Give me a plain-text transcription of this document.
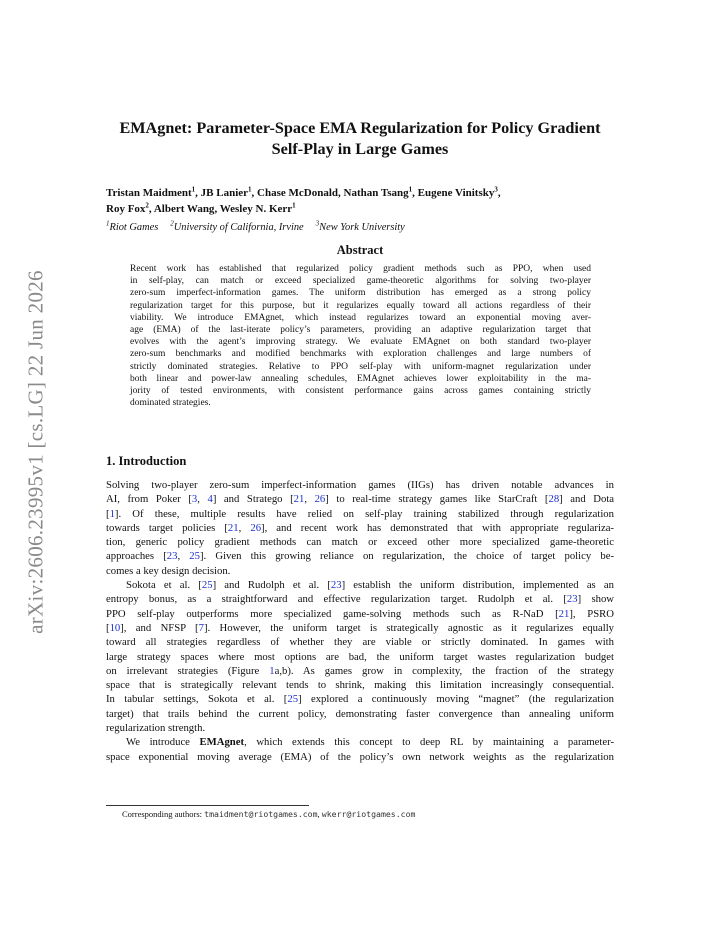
arXiv:2606.23995v1 [cs.LG] 22 Jun 2026
EMAgnet: Parameter-Space EMA Regularization for Policy Gradient
Self-Play in Large Games
Tristan Maidment$^1$, JB Lanier$^1$, Chase McDonald, Nathan Tsang$^1$, Eugene Vinitsky$^3$,
Roy Fox$^2$, Albert Wang, Wesley N. Kerr$^1$
$^1$Riot Games $^2$University of California, Irvine $^3$New York University
Abstract
Recent work has established that regularized policy gradient methods such as PPO, when used
in self-play, can match or exceed specialized game-theoretic algorithms for solving two-player
zero-sum imperfect-information games. The uniform distribution has emerged as a strong policy
regularization target for this purpose, but it regularizes equally toward all actions regardless of their
viability. We introduce EMAgnet, which instead regularizes toward an exponential moving aver-
age (EMA) of the last-iterate policy’s parameters, providing an adaptive regularization target that
evolves with the agent’s improving strategy. We evaluate EMAgnet on both standard two-player
zero-sum benchmarks and modified benchmarks with exploration challenges and large numbers of
strictly dominated strategies. Relative to PPO self-play with uniform-magnet regularization under
both linear and power-law annealing schedules, EMAgnet achieves lower exploitability in the ma-
jority of tested environments, with consistent performance gains across games containing strictly
dominated strategies.
1. Introduction
Solving two-player zero-sum imperfect-information games (IIGs) has driven notable advances in
AI, from Poker [3, 4] and Stratego [21, 26] to real-time strategy games like StarCraft [28] and Dota
[1]. Of these, multiple results have relied on self-play training stabilized through regularization
towards target policies [21, 26], and recent work has demonstrated that with appropriate regulariza-
tion, generic policy gradient methods can match or exceed other more specialized game-theoretic
approaches [23, 25]. Given this growing reliance on regularization, the choice of target policy be-
comes a key design decision.
Sokota et al. [25] and Rudolph et al. [23] establish the uniform distribution, implemented as an
entropy bonus, as a straightforward and effective regularization target. Rudolph et al. [23] show
PPO self-play outperforms more specialized game-solving methods such as R-NaD [21], PSRO
[10], and NFSP [7]. However, the uniform target is strategically agnostic as it regularizes equally
toward all strategies regardless of whether they are viable or strictly dominated. In games with
large strategy spaces where most options are bad, the uniform target wastes regularization budget
on irrelevant strategies (Figure 1a,b). As games grow in complexity, the fraction of the strategy
space that is strategically relevant tends to shrink, making this limitation increasingly consequential.
In tabular settings, Sokota et al. [25] explored a continuously moving “magnet” (the regularization
target) that trails behind the current policy, demonstrating faster convergence than annealing uniform
regularization strength.
We introduce EMAgnet, which extends this concept to deep RL by maintaining a parameter-
space exponential moving average (EMA) of the policy’s own network weights as the regularization
Corresponding authors: tmaidment@riotgames.com, wkerr@riotgames.com
